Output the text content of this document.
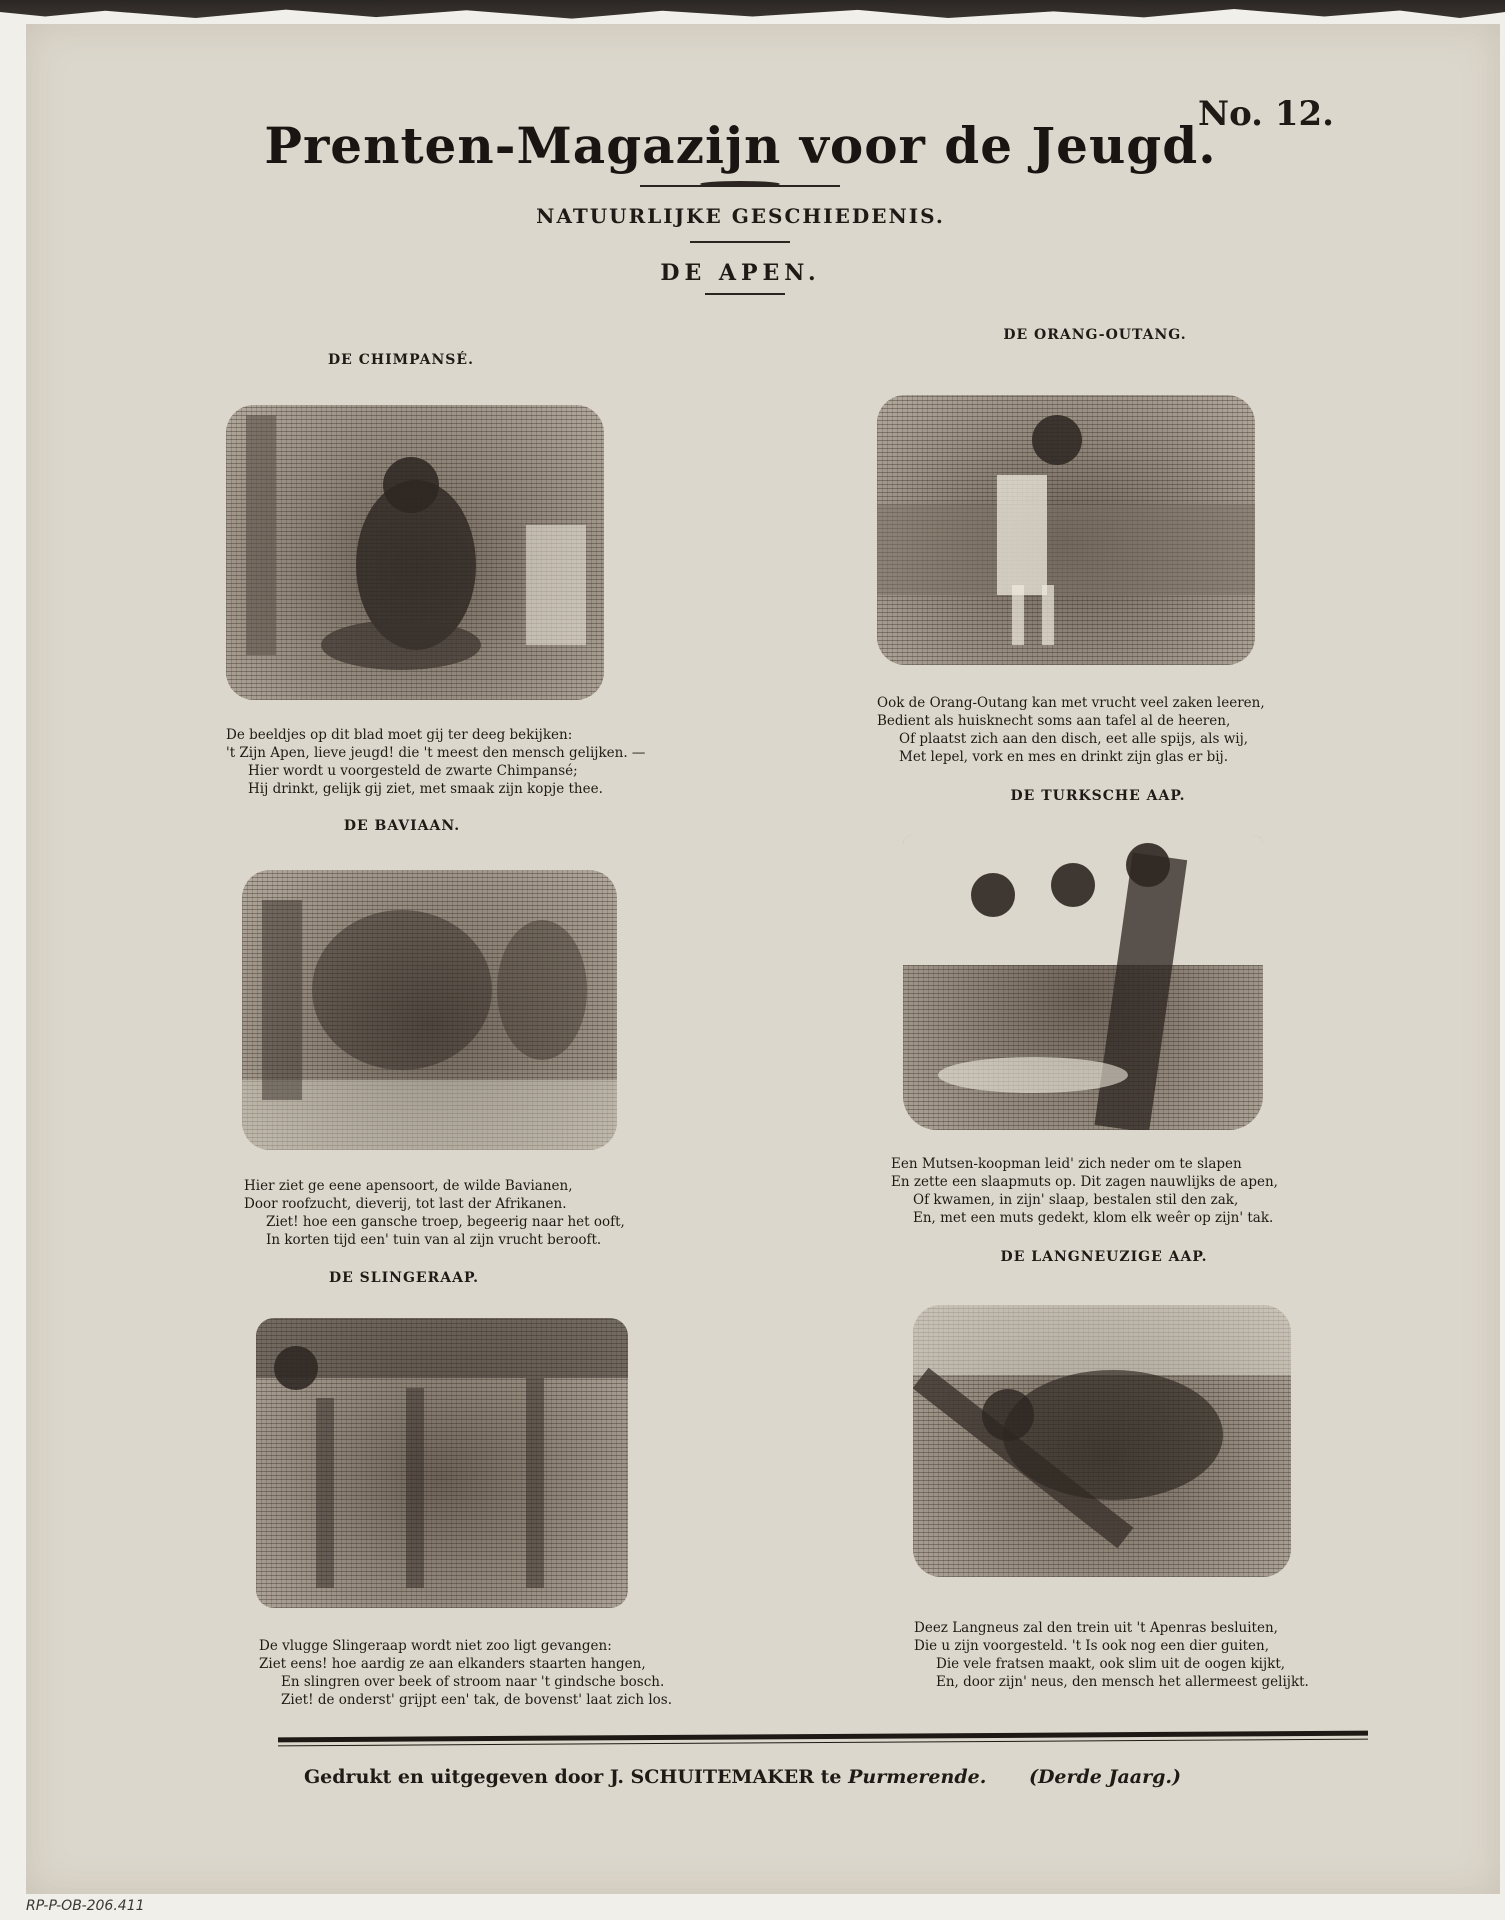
Prenten-Magazijn voor de Jeugd.
No. 12.
NATUURLIJKE GESCHIEDENIS.
DE APEN.
DE CHIMPANSÉ.
De beeldjes op dit blad moet gij ter deeg bekijken:
't Zijn Apen, lieve jeugd! die 't meest den mensch gelijken. —
Hier wordt u voorgesteld de zwarte Chimpansé;
Hij drinkt, gelijk gij ziet, met smaak zijn kopje thee.
DE ORANG-OUTANG.
Ook de Orang-Outang kan met vrucht veel zaken leeren,
Bedient als huisknecht soms aan tafel al de heeren,
Of plaatst zich aan den disch, eet alle spijs, als wij,
Met lepel, vork en mes en drinkt zijn glas er bij.
DE BAVIAAN.
Hier ziet ge eene apensoort, de wilde Bavianen,
Door roofzucht, dieverij, tot last der Afrikanen.
Ziet! hoe een gansche troep, begeerig naar het ooft,
In korten tijd een' tuin van al zijn vrucht berooft.
DE TURKSCHE AAP.
Een Mutsen-koopman leid' zich neder om te slapen
En zette een slaapmuts op. Dit zagen nauwlijks de apen,
Of kwamen, in zijn' slaap, bestalen stil den zak,
En, met een muts gedekt, klom elk weêr op zijn' tak.
DE SLINGERAAP.
De vlugge Slingeraap wordt niet zoo ligt gevangen:
Ziet eens! hoe aardig ze aan elkanders staarten hangen,
En slingren over beek of stroom naar 't gindsche bosch.
Ziet! de onderst' grijpt een' tak, de bovenst' laat zich los.
DE LANGNEUZIGE AAP.
Deez Langneus zal den trein uit 't Apenras besluiten,
Die u zijn voorgesteld. 't Is ook nog een dier guiten,
Die vele fratsen maakt, ook slim uit de oogen kijkt,
En, door zijn' neus, den mensch het allermeest gelijkt.
Gedrukt en uitgegeven door J. SCHUITEMAKER te Purmerende. (Derde Jaarg.)
RP-P-OB-206.411
